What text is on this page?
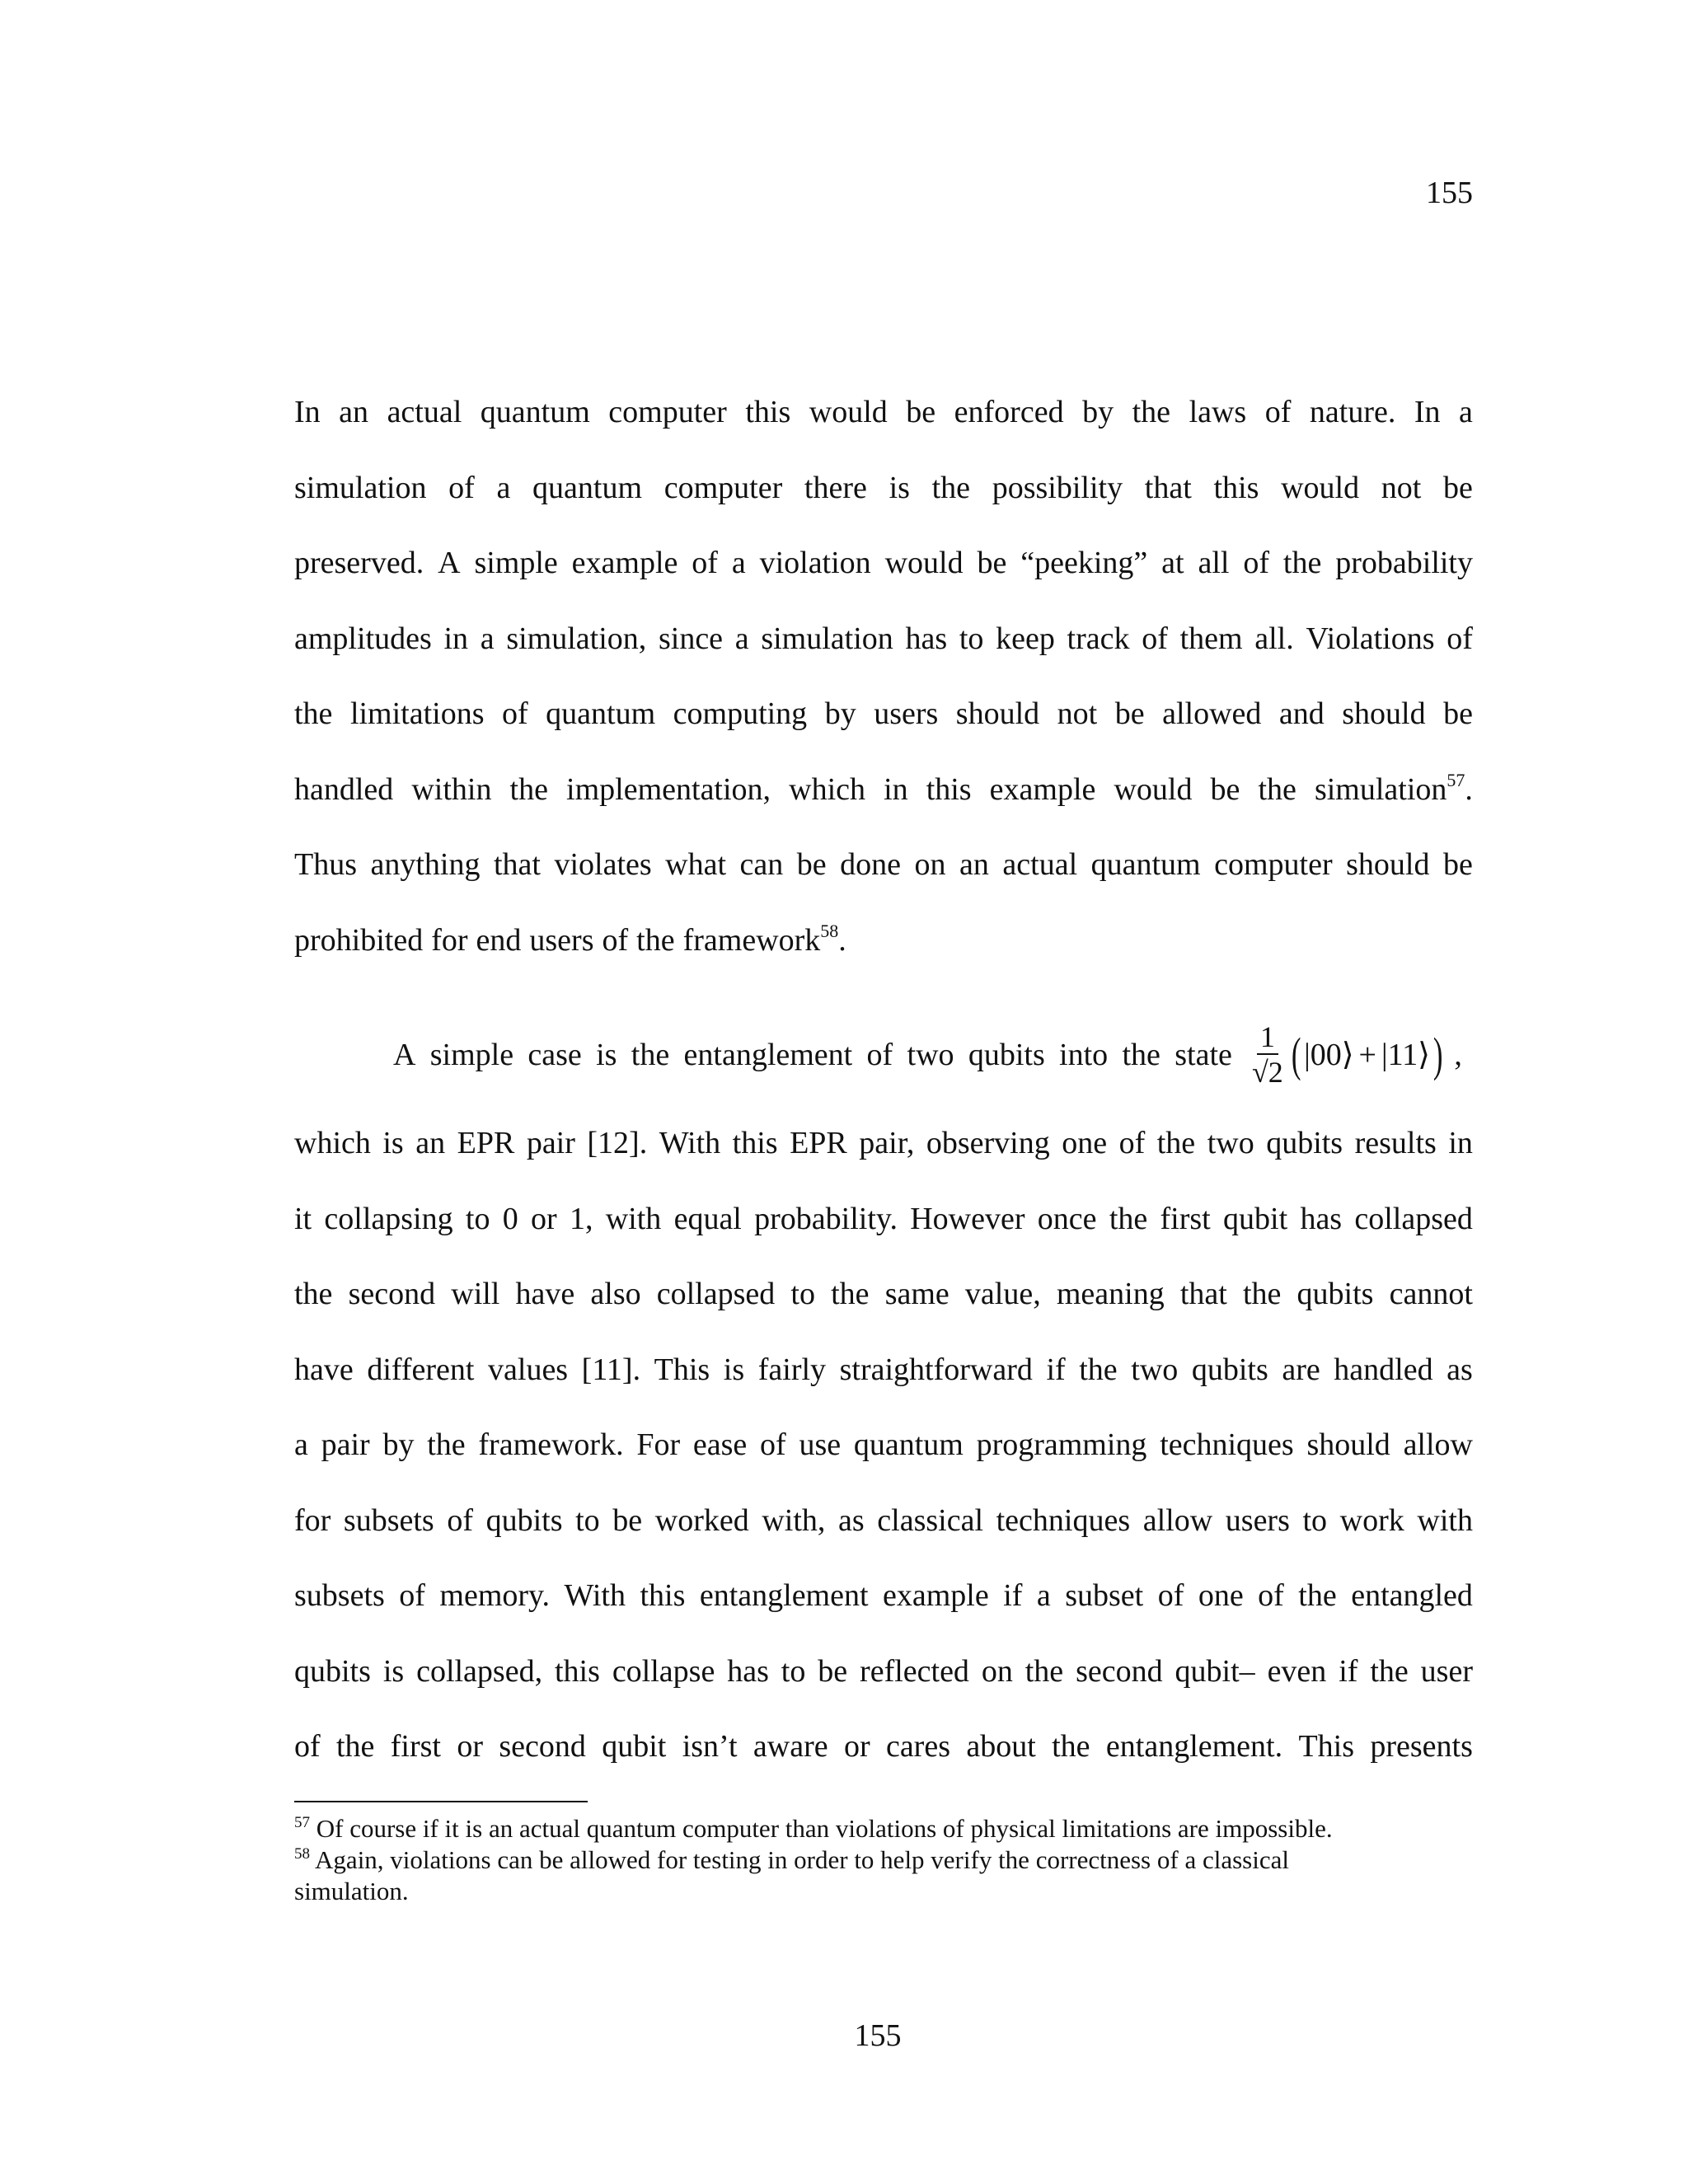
155
In an actual quantum computer this would be enforced by the laws of nature. In a
simulation of a quantum computer there is the possibility that this would not be
preserved. A simple example of a violation would be “peeking” at all of the probability
amplitudes in a simulation, since a simulation has to keep track of them all. Violations of
the limitations of quantum computing by users should not be allowed and should be
handled within the implementation, which in this example would be the simulation$^{57}$.
Thus anything that violates what can be done on an actual quantum computer should be
prohibited for end users of the framework$^{58}$.
A simple case is the entanglement of two qubits into the state $\frac{1}{√2}$ ( |00⟩ + |11⟩ ) ,
which is an EPR pair [12]. With this EPR pair, observing one of the two qubits results in
it collapsing to 0 or 1, with equal probability. However once the first qubit has collapsed
the second will have also collapsed to the same value, meaning that the qubits cannot
have different values [11]. This is fairly straightforward if the two qubits are handled as
a pair by the framework. For ease of use quantum programming techniques should allow
for subsets of qubits to be worked with, as classical techniques allow users to work with
subsets of memory. With this entanglement example if a subset of one of the entangled
qubits is collapsed, this collapse has to be reflected on the second qubit– even if the user
of the first or second qubit isn’t aware or cares about the entanglement. This presents
$^{57}$ Of course if it is an actual quantum computer than violations of physical limitations are impossible.
$^{58}$ Again, violations can be allowed for testing in order to help verify the correctness of a classical
simulation.
155
